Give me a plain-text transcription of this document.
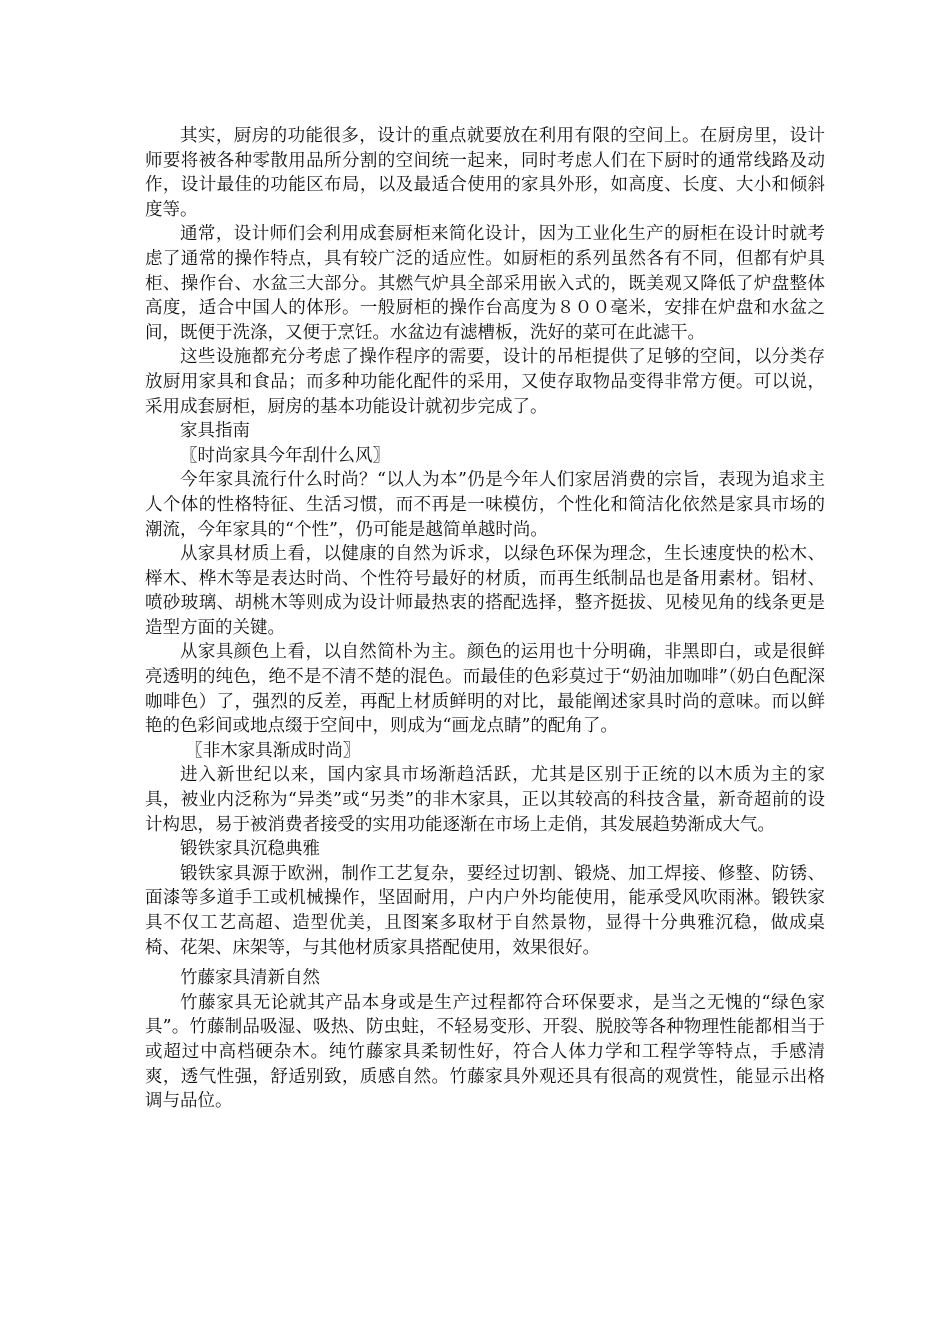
其实，厨房的功能很多，设计的重点就要放在利用有限的空间上。在厨房里，设计师要将被各种零散用品所分割的空间统一起来，同时考虑人们在下厨时的通常线路及动作，设计最佳的功能区布局，以及最适合使用的家具外形，如高度、长度、大小和倾斜度等。

通常，设计师们会利用成套厨柜来简化设计，因为工业化生产的厨柜在设计时就考虑了通常的操作特点，具有较广泛的适应性。如厨柜的系列虽然各有不同，但都有炉具柜、操作台、水盆三大部分。其燃气炉具全部采用嵌入式的，既美观又降低了炉盘整体高度，适合中国人的体形。一般厨柜的操作台高度为８００毫米，安排在炉盘和水盆之间，既便于洗涤，又便于烹饪。水盆边有滤槽板，洗好的菜可在此滤干。

这些设施都充分考虑了操作程序的需要，设计的吊柜提供了足够的空间，以分类存放厨用家具和食品；而多种功能化配件的采用，又使存取物品变得非常方便。可以说，采用成套厨柜，厨房的基本功能设计就初步完成了。

家具指南

〖时尚家具今年刮什么风〗

今年家具流行什么时尚？“以人为本”仍是今年人们家居消费的宗旨，表现为追求主人个体的性格特征、生活习惯，而不再是一味模仿，个性化和简洁化依然是家具市场的潮流，今年家具的“个性”，仍可能是越简单越时尚。

从家具材质上看，以健康的自然为诉求，以绿色环保为理念，生长速度快的松木、榉木、桦木等是表达时尚、个性符号最好的材质，而再生纸制品也是备用素材。铝材、喷砂玻璃、胡桃木等则成为设计师最热衷的搭配选择，整齐挺拔、见棱见角的线条更是造型方面的关键。

从家具颜色上看，以自然简朴为主。颜色的运用也十分明确，非黑即白，或是很鲜亮透明的纯色，绝不是不清不楚的混色。而最佳的色彩莫过于“奶油加咖啡”（奶白色配深咖啡色）了，强烈的反差，再配上材质鲜明的对比，最能阐述家具时尚的意味。而以鲜艳的色彩间或地点缀于空间中，则成为“画龙点睛”的配角了。

〖非木家具渐成时尚〗

进入新世纪以来，国内家具市场渐趋活跃，尤其是区别于正统的以木质为主的家具，被业内泛称为“异类”或“另类”的非木家具，正以其较高的科技含量，新奇超前的设计构思，易于被消费者接受的实用功能逐渐在市场上走俏，其发展趋势渐成大气。

锻铁家具沉稳典雅

锻铁家具源于欧洲，制作工艺复杂，要经过切割、锻烧、加工焊接、修整、防锈、面漆等多道手工或机械操作，坚固耐用，户内户外均能使用，能承受风吹雨淋。锻铁家具不仅工艺高超、造型优美，且图案多取材于自然景物，显得十分典雅沉稳，做成桌椅、花架、床架等，与其他材质家具搭配使用，效果很好。

竹藤家具清新自然

竹藤家具无论就其产品本身或是生产过程都符合环保要求，是当之无愧的“绿色家具”。竹藤制品吸湿、吸热、防虫蛀，不轻易变形、开裂、脱胶等各种物理性能都相当于或超过中高档硬杂木。纯竹藤家具柔韧性好，符合人体力学和工程学等特点，手感清爽，透气性强，舒适别致，质感自然。竹藤家具外观还具有很高的观赏性，能显示出格调与品位。
